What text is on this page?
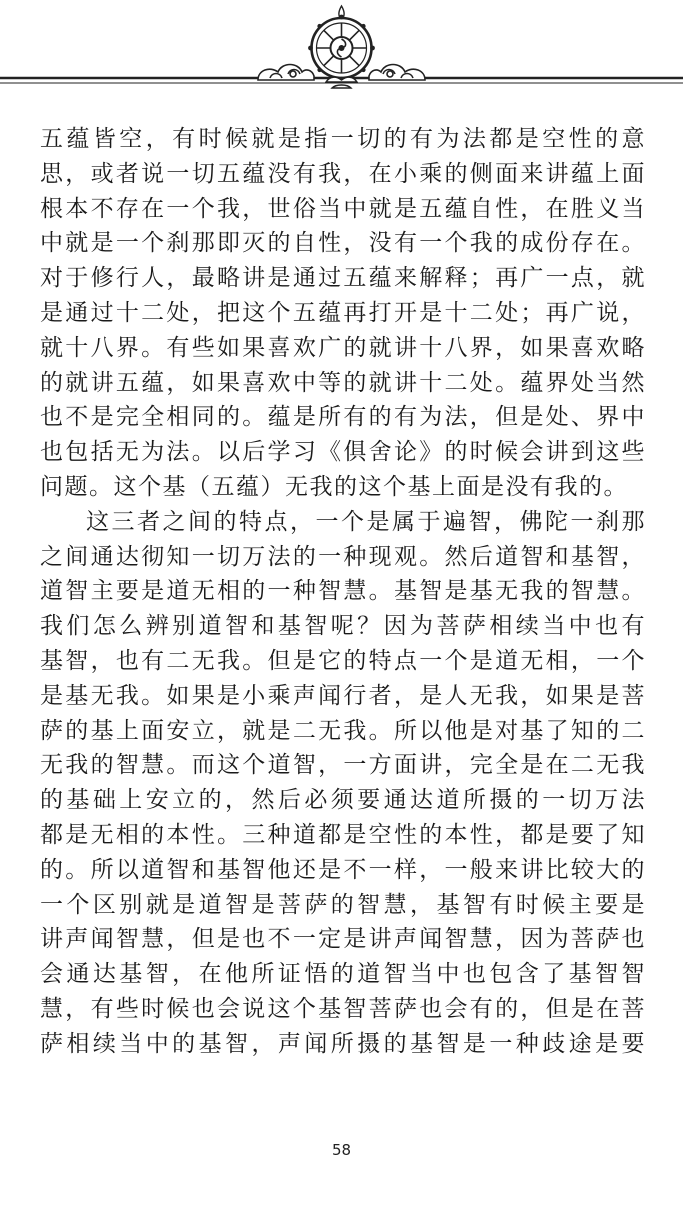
五蕴皆空，有时候就是指一切的有为法都是空性的意
思，或者说一切五蕴没有我，在小乘的侧面来讲蕴上面
根本不存在一个我，世俗当中就是五蕴自性，在胜义当
中就是一个刹那即灭的自性，没有一个我的成份存在。
对于修行人，最略讲是通过五蕴来解释；再广一点，就
是通过十二处，把这个五蕴再打开是十二处；再广说，
就十八界。有些如果喜欢广的就讲十八界，如果喜欢略
的就讲五蕴，如果喜欢中等的就讲十二处。蕴界处当然
也不是完全相同的。蕴是所有的有为法，但是处、界中
也包括无为法。以后学习《俱舍论》的时候会讲到这些
问题。这个基（五蕴）无我的这个基上面是没有我的。
这三者之间的特点，一个是属于遍智，佛陀一刹那
之间通达彻知一切万法的一种现观。然后道智和基智，
道智主要是道无相的一种智慧。基智是基无我的智慧。
我们怎么辨别道智和基智呢？因为菩萨相续当中也有
基智，也有二无我。但是它的特点一个是道无相，一个
是基无我。如果是小乘声闻行者，是人无我，如果是菩
萨的基上面安立，就是二无我。所以他是对基了知的二
无我的智慧。而这个道智，一方面讲，完全是在二无我
的基础上安立的，然后必须要通达道所摄的一切万法
都是无相的本性。三种道都是空性的本性，都是要了知
的。所以道智和基智他还是不一样，一般来讲比较大的
一个区别就是道智是菩萨的智慧，基智有时候主要是
讲声闻智慧，但是也不一定是讲声闻智慧，因为菩萨也
会通达基智，在他所证悟的道智当中也包含了基智智
慧，有些时候也会说这个基智菩萨也会有的，但是在菩
萨相续当中的基智，声闻所摄的基智是一种歧途是要
58
